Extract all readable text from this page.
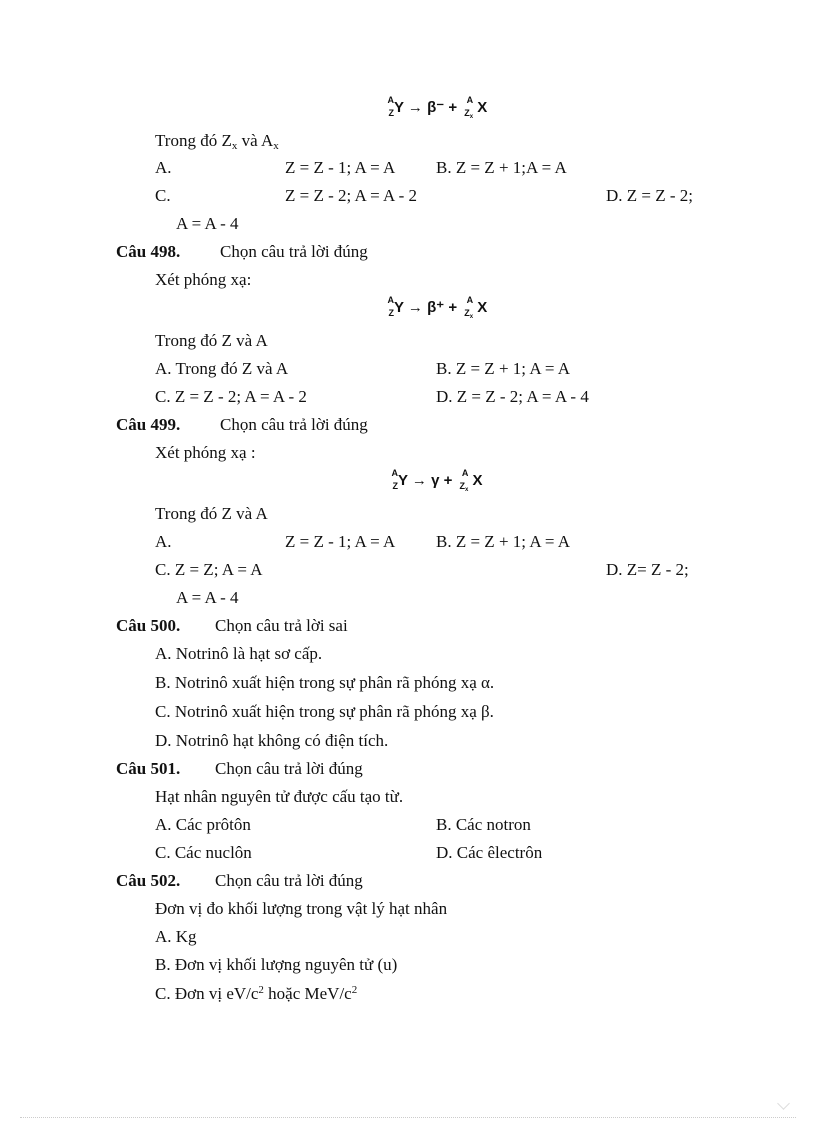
A
Z Y → β⁻ + A
$Z_x$
X
Trong đó $Z_x$ và $A_x$
A.	Z = Z - 1; A = A B. Z = Z + 1;A = A
C.	Z = Z - 2; A = A - 2	D. Z = Z - 2;
A = A - 4
Câu 498. Chọn câu trả lời đúng
Xét phóng xạ:
A
Z Y → β⁺ + A
$Z_x$
X
Trong đó Z và A
A. Trong đó Z và A	B. Z = Z + 1; A = A
C. Z = Z - 2; A = A - 2	D. Z = Z - 2; A = A - 4
Câu 499. Chọn câu trả lời đúng
Xét phóng xạ :
A
Z Y → γ + A
$Z_x$
X
Trong đó Z và A
A.	Z = Z - 1; A = A B. Z = Z + 1; A = A
C. Z = Z; A = A	D. Z= Z - 2;
A = A - 4
Câu 500. Chọn câu trả lời sai
A. Notrinô là hạt sơ cấp.
B. Notrinô xuất hiện trong sự phân rã phóng xạ α.
C. Notrinô xuất hiện trong sự phân rã phóng xạ β.
D. Notrinô hạt không có điện tích.
Câu 501. Chọn câu trả lời đúng
Hạt nhân nguyên tử được cấu tạo từ.
A. Các prôtôn	B. Các notron
C. Các nuclôn	D. Các êlectrôn
Câu 502. Chọn câu trả lời đúng
Đơn vị đo khối lượng trong vật lý hạt nhân
A. Kg
B. Đơn vị khối lượng nguyên tử (u)
C. Đơn vị $eV/c^2$ hoặc MeV/$c^2$
